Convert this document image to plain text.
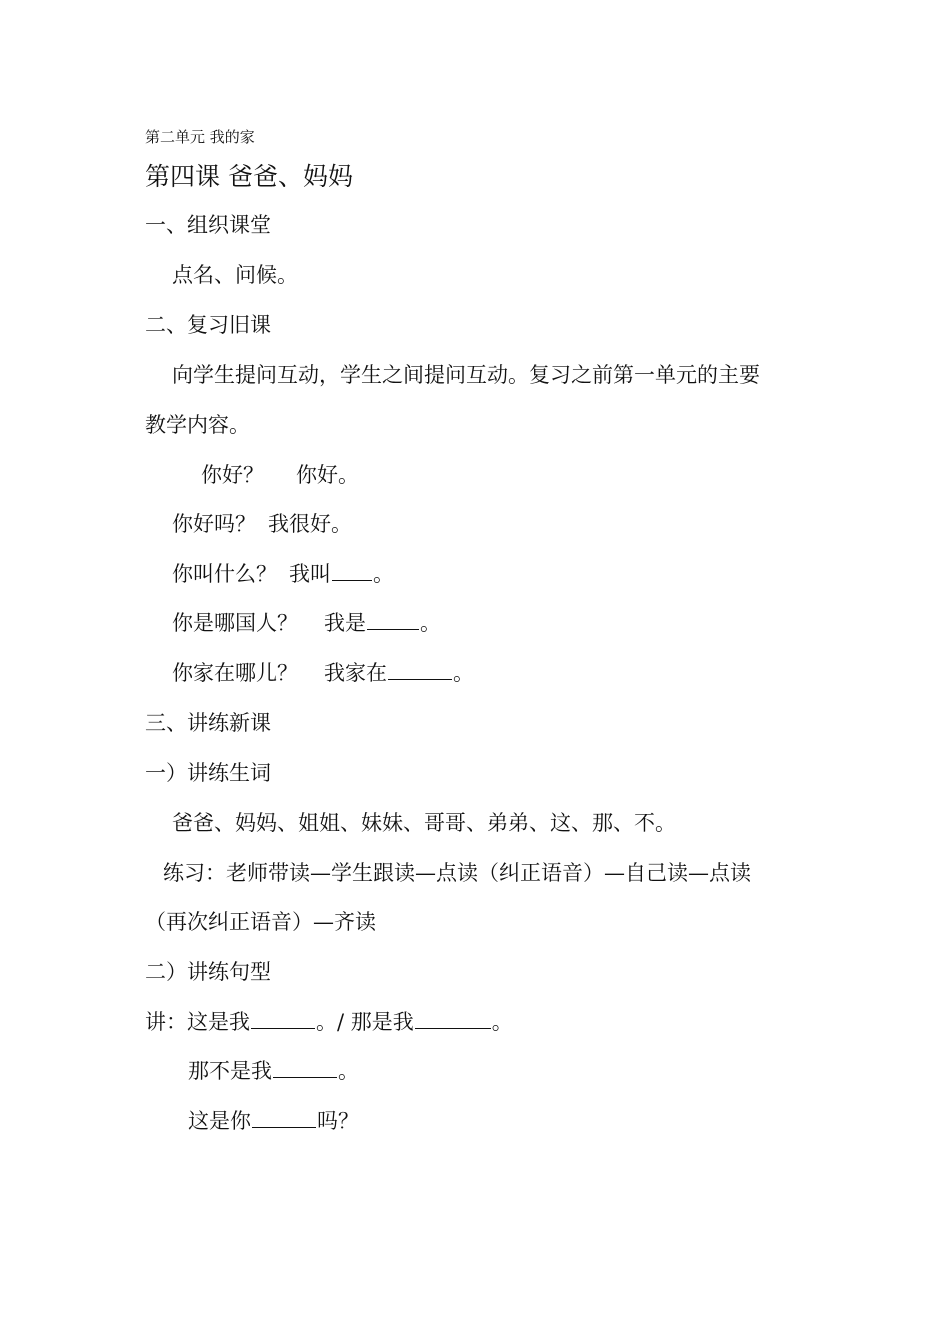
第二单元 我的家
第四课 爸爸、妈妈
一、组织课堂
点名、问候。
二、复习旧课
向学生提问互动，学生之间提问互动。复习之前第一单元的主要
教学内容。
你好？ 你好。
你好吗？ 我很好。
你叫什么？ 我叫 。
你是哪国人？ 我是	。
你家在哪儿？ 我家在	。
三、讲练新课
一）讲练生词
爸爸、妈妈、姐姐、妹妹、哥哥、弟弟、这、那、不。
练习：老师带读—学生跟读—点读（纠正语音）—自己读—点读
（再次纠正语音）—齐读
二）讲练句型
讲：这是我	。/ 那是我	。
那不是我	。
这是你	吗？
